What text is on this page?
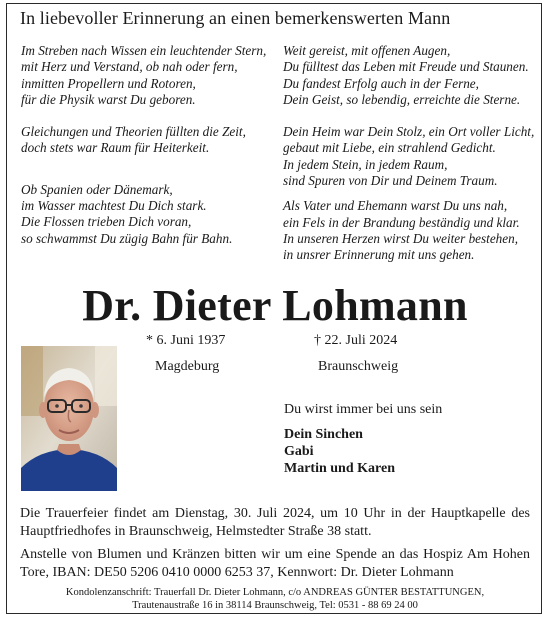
In liebevoller Erinnerung an einen bemerkenswerten Mann

Im Streben nach Wissen ein leuchtender Stern,
mit Herz und Verstand, ob nah oder fern,
inmitten Propellern und Rotoren,
für die Physik warst Du geboren.

Gleichungen und Theorien füllten die Zeit,
doch stets war Raum für Heiterkeit.

Ob Spanien oder Dänemark,
im Wasser machtest Du Dich stark.
Die Flossen trieben Dich voran,
so schwammst Du zügig Bahn für Bahn.

Weit gereist, mit offenen Augen,
Du fülltest das Leben mit Freude und Staunen.
Du fandest Erfolg auch in der Ferne,
Dein Geist, so lebendig, erreichte die Sterne.

Dein Heim war Dein Stolz, ein Ort voller Licht,
gebaut mit Liebe, ein strahlend Gedicht.
In jedem Stein, in jedem Raum,
sind Spuren von Dir und Deinem Traum.

Als Vater und Ehemann warst Du uns nah,
ein Fels in der Brandung beständig und klar.
In unseren Herzen wirst Du weiter bestehen,
in unsrer Erinnerung mit uns gehen.

Dr. Dieter Lohmann
* 6. Juni 1937	† 22. Juli 2024
Magdeburg	Braunschweig
Du wirst immer bei uns sein
Dein Sinchen
Gabi
Martin und Karen
Die Trauerfeier findet am Dienstag, 30. Juli 2024, um 10 Uhr in der Hauptkapelle des Hauptfriedhofes in Braunschweig, Helmstedter Straße 38 statt.
Anstelle von Blumen und Kränzen bitten wir um eine Spende an das Hospiz Am Hohen Tore, IBAN: DE50 5206 0410 0000 6253 37, Kennwort: Dr. Dieter Lohmann
Kondolenzanschrift: Trauerfall Dr. Dieter Lohmann, c/o ANDREAS GÜNTER BESTATTUNGEN,
Trautenaustraße 16 in 38114 Braunschweig, Tel: 0531 - 88 69 24 00
